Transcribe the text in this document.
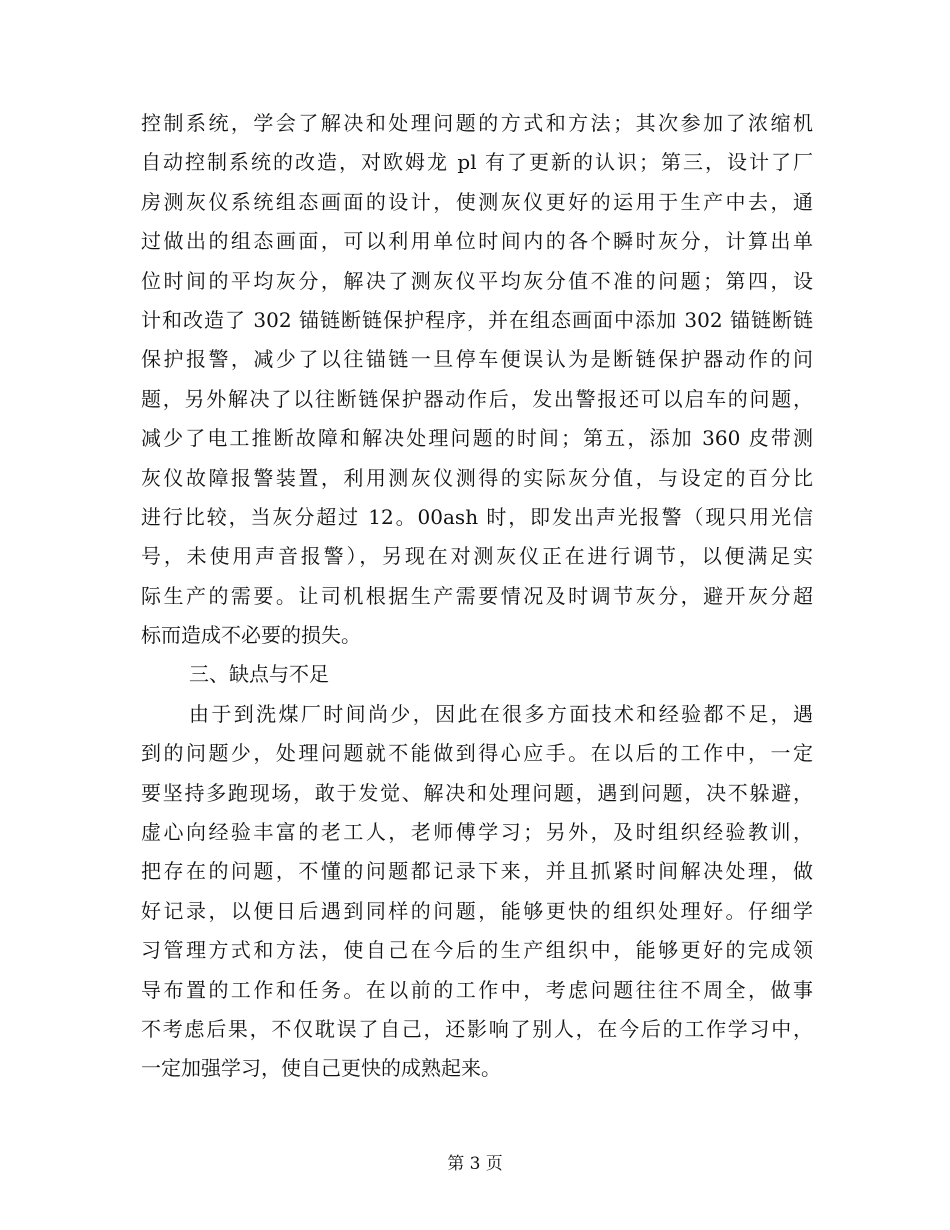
控制系统，学会了解决和处理问题的方式和方法；其次参加了浓缩机
自动控制系统的改造，对欧姆龙 pl 有了更新的认识；第三，设计了厂
房测灰仪系统组态画面的设计，使测灰仪更好的运用于生产中去，通
过做出的组态画面，可以利用单位时间内的各个瞬时灰分，计算出单
位时间的平均灰分，解决了测灰仪平均灰分值不准的问题；第四，设
计和改造了 302 锚链断链保护程序，并在组态画面中添加 302 锚链断链
保护报警，减少了以往锚链一旦停车便误认为是断链保护器动作的问
题，另外解决了以往断链保护器动作后，发出警报还可以启车的问题，
减少了电工推断故障和解决处理问题的时间；第五，添加 360 皮带测
灰仪故障报警装置，利用测灰仪测得的实际灰分值，与设定的百分比
进行比较，当灰分超过 12。00ash 时，即发出声光报警（现只用光信
号，未使用声音报警），另现在对测灰仪正在进行调节，以便满足实
际生产的需要。让司机根据生产需要情况及时调节灰分，避开灰分超
标而造成不必要的损失。
三、缺点与不足
由于到洗煤厂时间尚少，因此在很多方面技术和经验都不足，遇
到的问题少，处理问题就不能做到得心应手。在以后的工作中，一定
要坚持多跑现场，敢于发觉、解决和处理问题，遇到问题，决不躲避，
虚心向经验丰富的老工人，老师傅学习；另外，及时组织经验教训，
把存在的问题，不懂的问题都记录下来，并且抓紧时间解决处理，做
好记录，以便日后遇到同样的问题，能够更快的组织处理好。仔细学
习管理方式和方法，使自己在今后的生产组织中，能够更好的完成领
导布置的工作和任务。在以前的工作中，考虑问题往往不周全，做事
不考虑后果，不仅耽误了自己，还影响了别人，在今后的工作学习中，
一定加强学习，使自己更快的成熟起来。
第 3 页
